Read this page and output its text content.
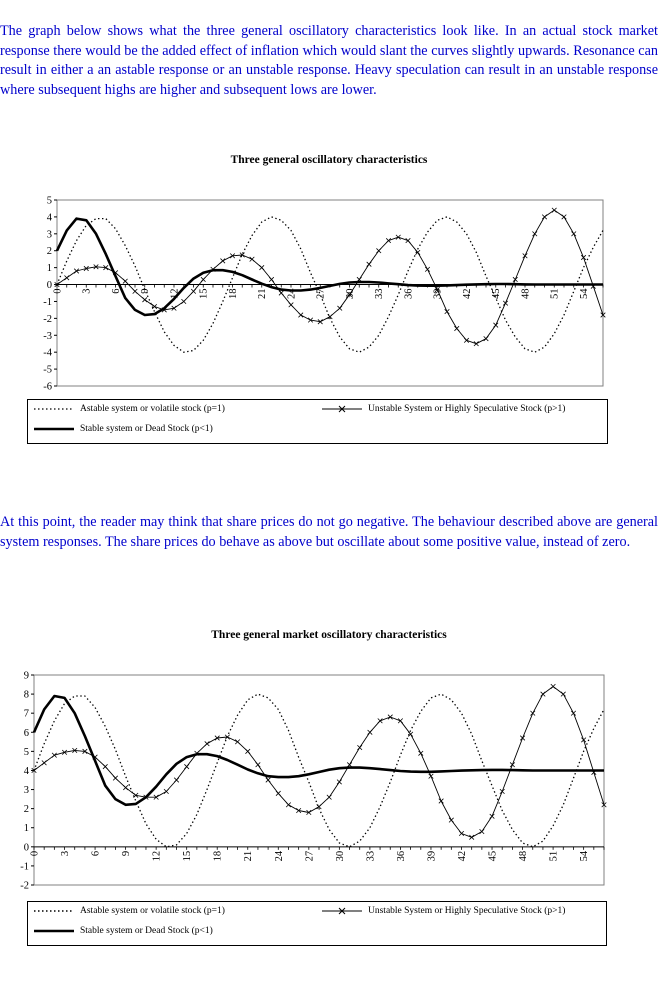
The graph below shows what the three general oscillatory characteristics look like. In an actual stock market response there would be the added effect of inflation which would slant the curves slightly upwards. Resonance can result in either a an astable response or an unstable response. Heavy speculation can result in an unstable response where subsequent highs are higher and subsequent lows are lower.

Three general oscillatory characteristics
5
4
3
2
1
0
-1
-2
-3
-4
-5
-6
0 3 6 9 12 15 18 21 24 27 30 33 36 39 42 45 48 51 54
Astable system or volatile stock (p=1)	Unstable System or Highly Speculative Stock (p>1)
Stable system or Dead Stock (p<1)

At this point, the reader may think that share prices do not go negative. The behaviour described above are general system responses. The share prices do behave as above but oscillate about some positive value, instead of zero.

Three general market oscillatory characteristics
9
8
7
6
5
4
3
2
1
0
-1
-2
0 3 6 9 12 15 18 21 24 27 30 33 36 39 42 45 48 51 54
Astable system or volatile stock (p=1)	Unstable System or Highly Speculative Stock (p>1)
Stable system or Dead Stock (p<1)
